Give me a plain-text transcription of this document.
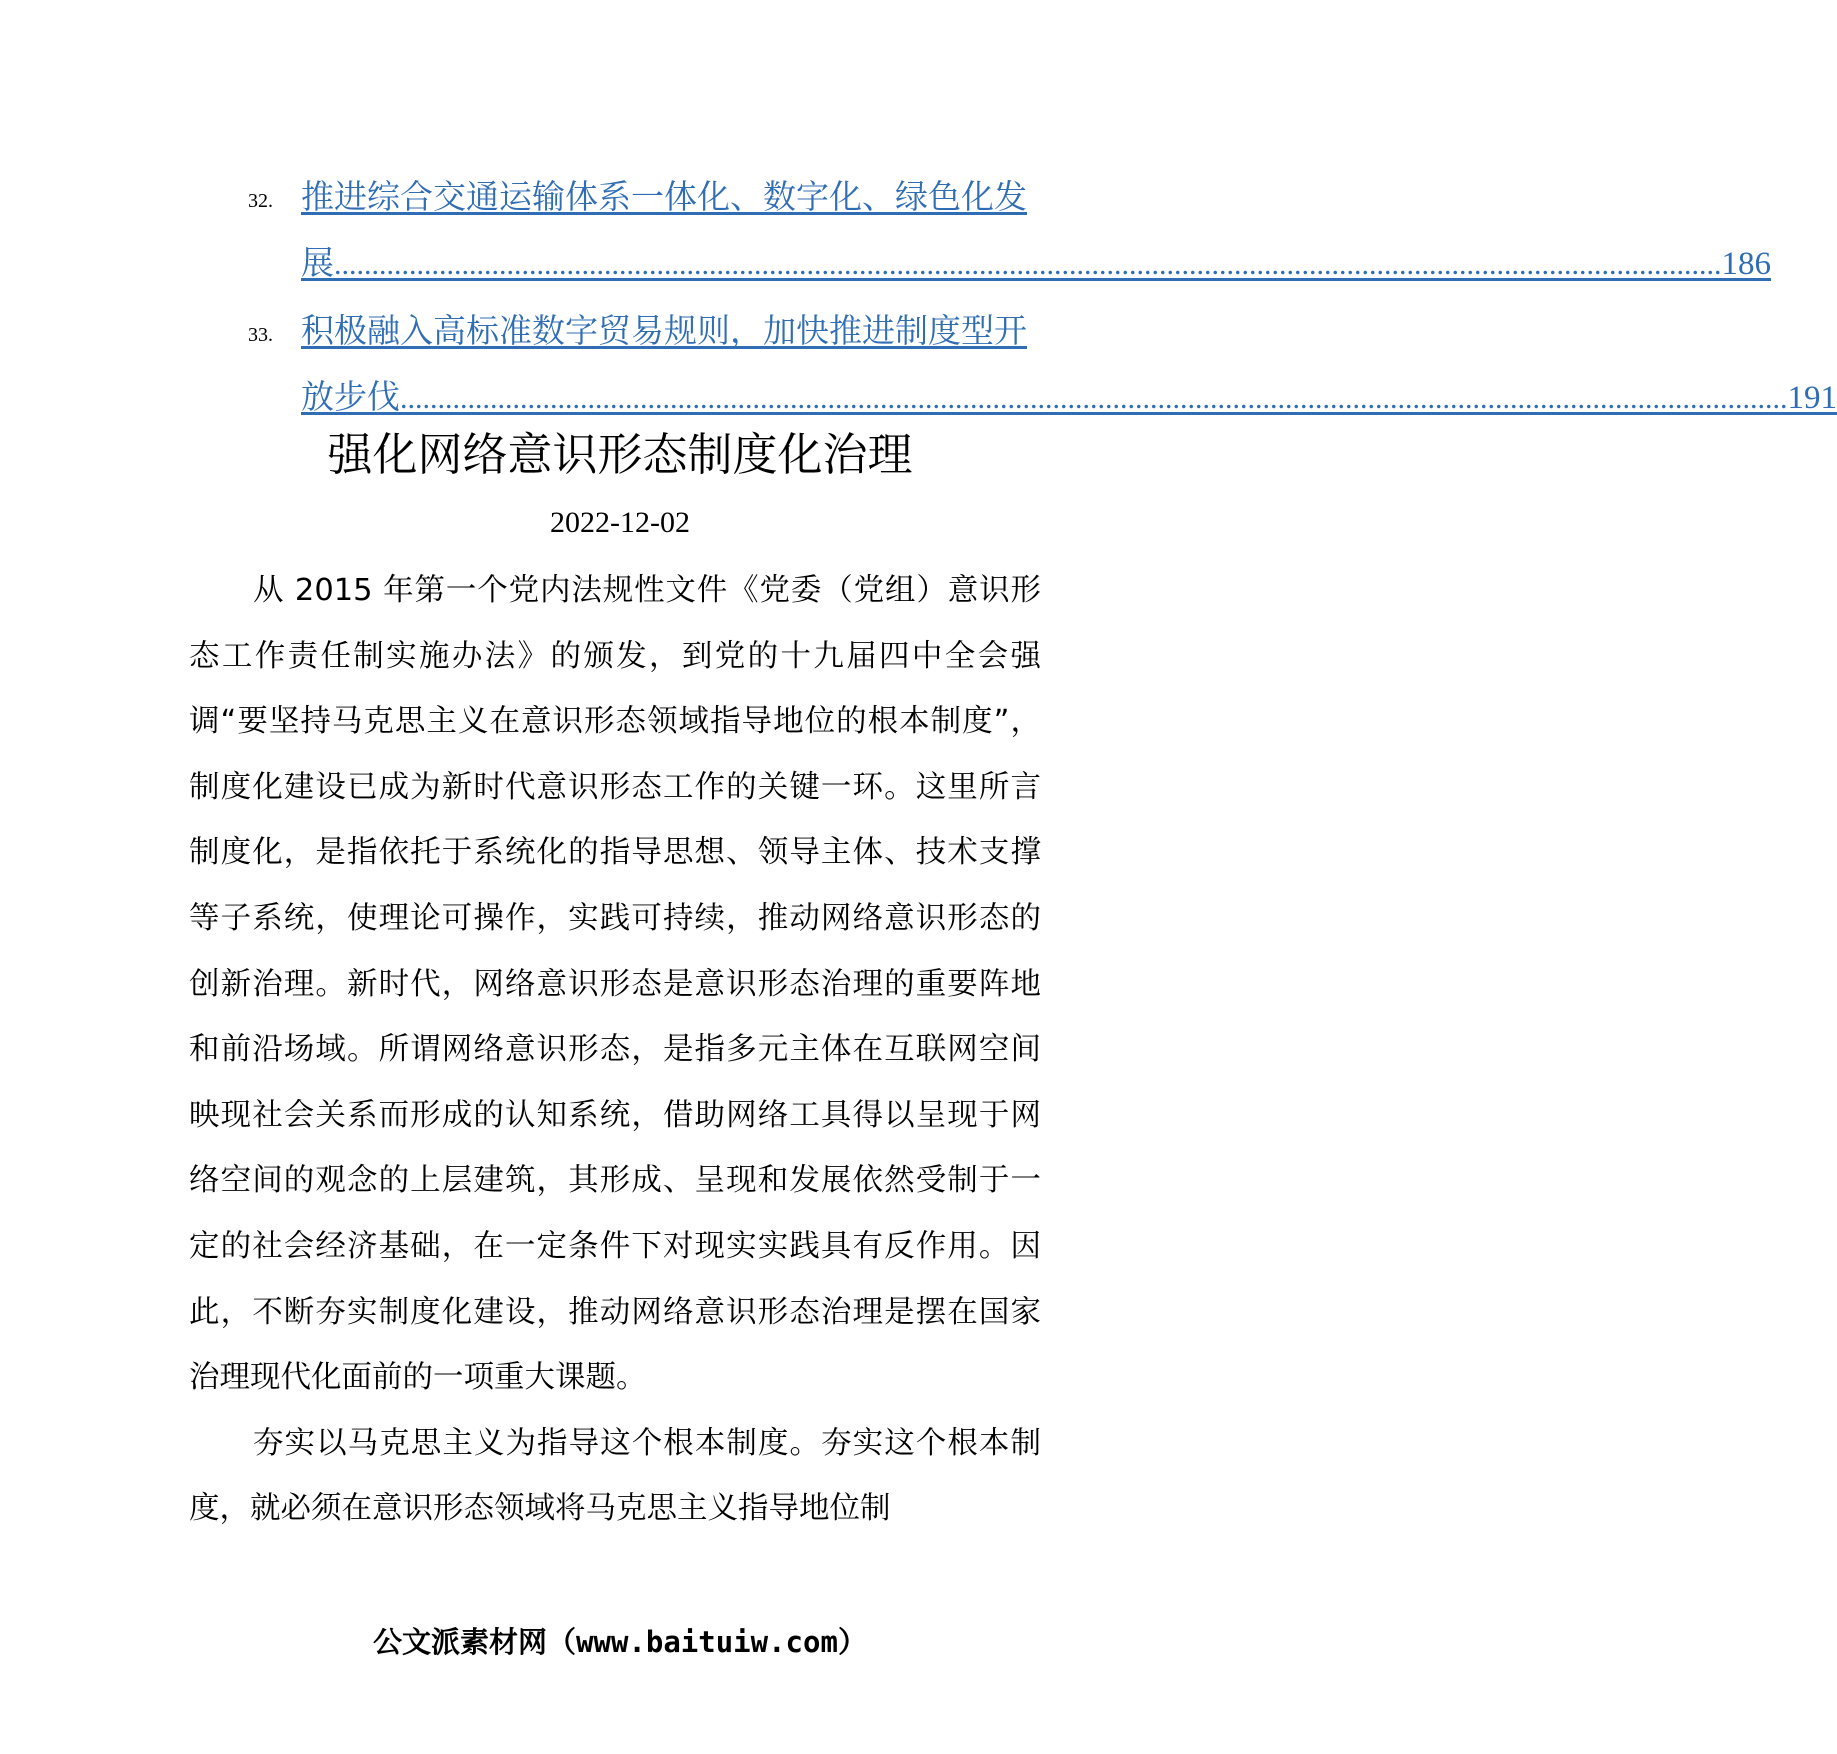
32. 推进综合交通运输体系一体化、数字化、绿色化发
展 ......................................................................................................................................................................................... 186
33. 积极融入高标准数字贸易规则，加快推进制度型开
放步伐 ......................................................................................................................................................................................... 191
强化网络意识形态制度化治理
2022-12-02

从 2015 年第一个党内法规性文件《党委（党组）意识形态工作责任制实施办法》的颁发，到党的十九届四中全会强调“要坚持马克思主义在意识形态领域指导地位的根本制度”，制度化建设已成为新时代意识形态工作的关键一环。这里所言制度化，是指依托于系统化的指导思想、领导主体、技术支撑等子系统，使理论可操作，实践可持续，推动网络意识形态的创新治理。新时代，网络意识形态是意识形态治理的重要阵地和前沿场域。所谓网络意识形态，是指多元主体在互联网空间映现社会关系而形成的认知系统，借助网络工具得以呈现于网络空间的观念的上层建筑，其形成、呈现和发展依然受制于一定的社会经济基础，在一定条件下对现实实践具有反作用。因此，不断夯实制度化建设，推动网络意识形态治理是摆在国家治理现代化面前的一项重大课题。

夯实以马克思主义为指导这个根本制度。夯实这个根本制度，就必须在意识形态领域将马克思主义指导地位制

公文派素材网（www.baituiw.com）
